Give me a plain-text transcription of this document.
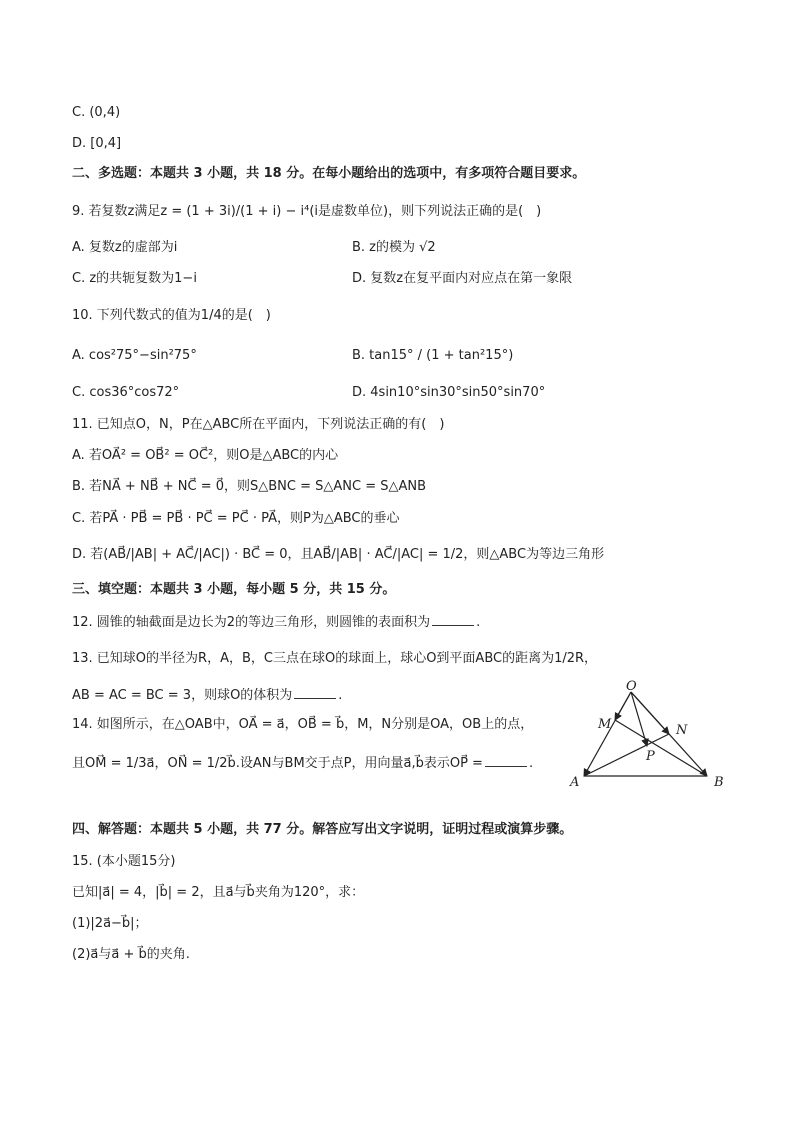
C. (0,4)
D. [0,4]
二、多选题：本题共 3 小题，共 18 分。在每小题给出的选项中，有多项符合题目要求。
9. 若复数z满足z = (1 + 3i)/(1 + i) − i⁴(i是虚数单位)，则下列说法正确的是(　)
A. 复数z的虚部为i	B. z的模为 √2
C. z的共轭复数为1−i	D. 复数z在复平面内对应点在第一象限
10. 下列代数式的值为1/4的是(　)
A. cos²75°−sin²75°	B. tan15° / (1 + tan²15°)
C. cos36°cos72°	D. 4sin10°sin30°sin50°sin70°
11. 已知点O，N，P在△ABC所在平面内，下列说法正确的有(　)
A. 若OA⃗² = OB⃗² = OC⃗²，则O是△ABC的内心
B. 若NA⃗ + NB⃗ + NC⃗ = 0⃗，则S△BNC = S△ANC = S△ANB
C. 若PA⃗ · PB⃗ = PB⃗ · PC⃗ = PC⃗ · PA⃗，则P为△ABC的垂心
D. 若(AB⃗/|AB| + AC⃗/|AC|) · BC⃗ = 0，且AB⃗/|AB| · AC⃗/|AC| = 1/2，则△ABC为等边三角形
三、填空题：本题共 3 小题，每小题 5 分，共 15 分。
12. 圆锥的轴截面是边长为2的等边三角形，则圆锥的表面积为	.
13. 已知球O的半径为R，A，B，C三点在球O的球面上，球心O到平面ABC的距离为1/2R，
AB = AC = BC = 3，则球O的体积为	.
14. 如图所示，在△OAB中，OA⃗ = a⃗，OB⃗ = b⃗，M，N分别是OA，OB上的点，
且OM⃗ = 1/3a⃗，ON⃗ = 1/2b⃗.设AN与BM交于点P，用向量a⃗,b⃗表示OP⃗ =	.
O
M	N
P
A	B
四、解答题：本题共 5 小题，共 77 分。解答应写出文字说明，证明过程或演算步骤。
15. (本小题15分)
已知|a⃗| = 4，|b⃗| = 2，且a⃗与b⃗夹角为120°，求：
(1)|2a⃗−b⃗|；
(2)a⃗与a⃗ + b⃗的夹角.
